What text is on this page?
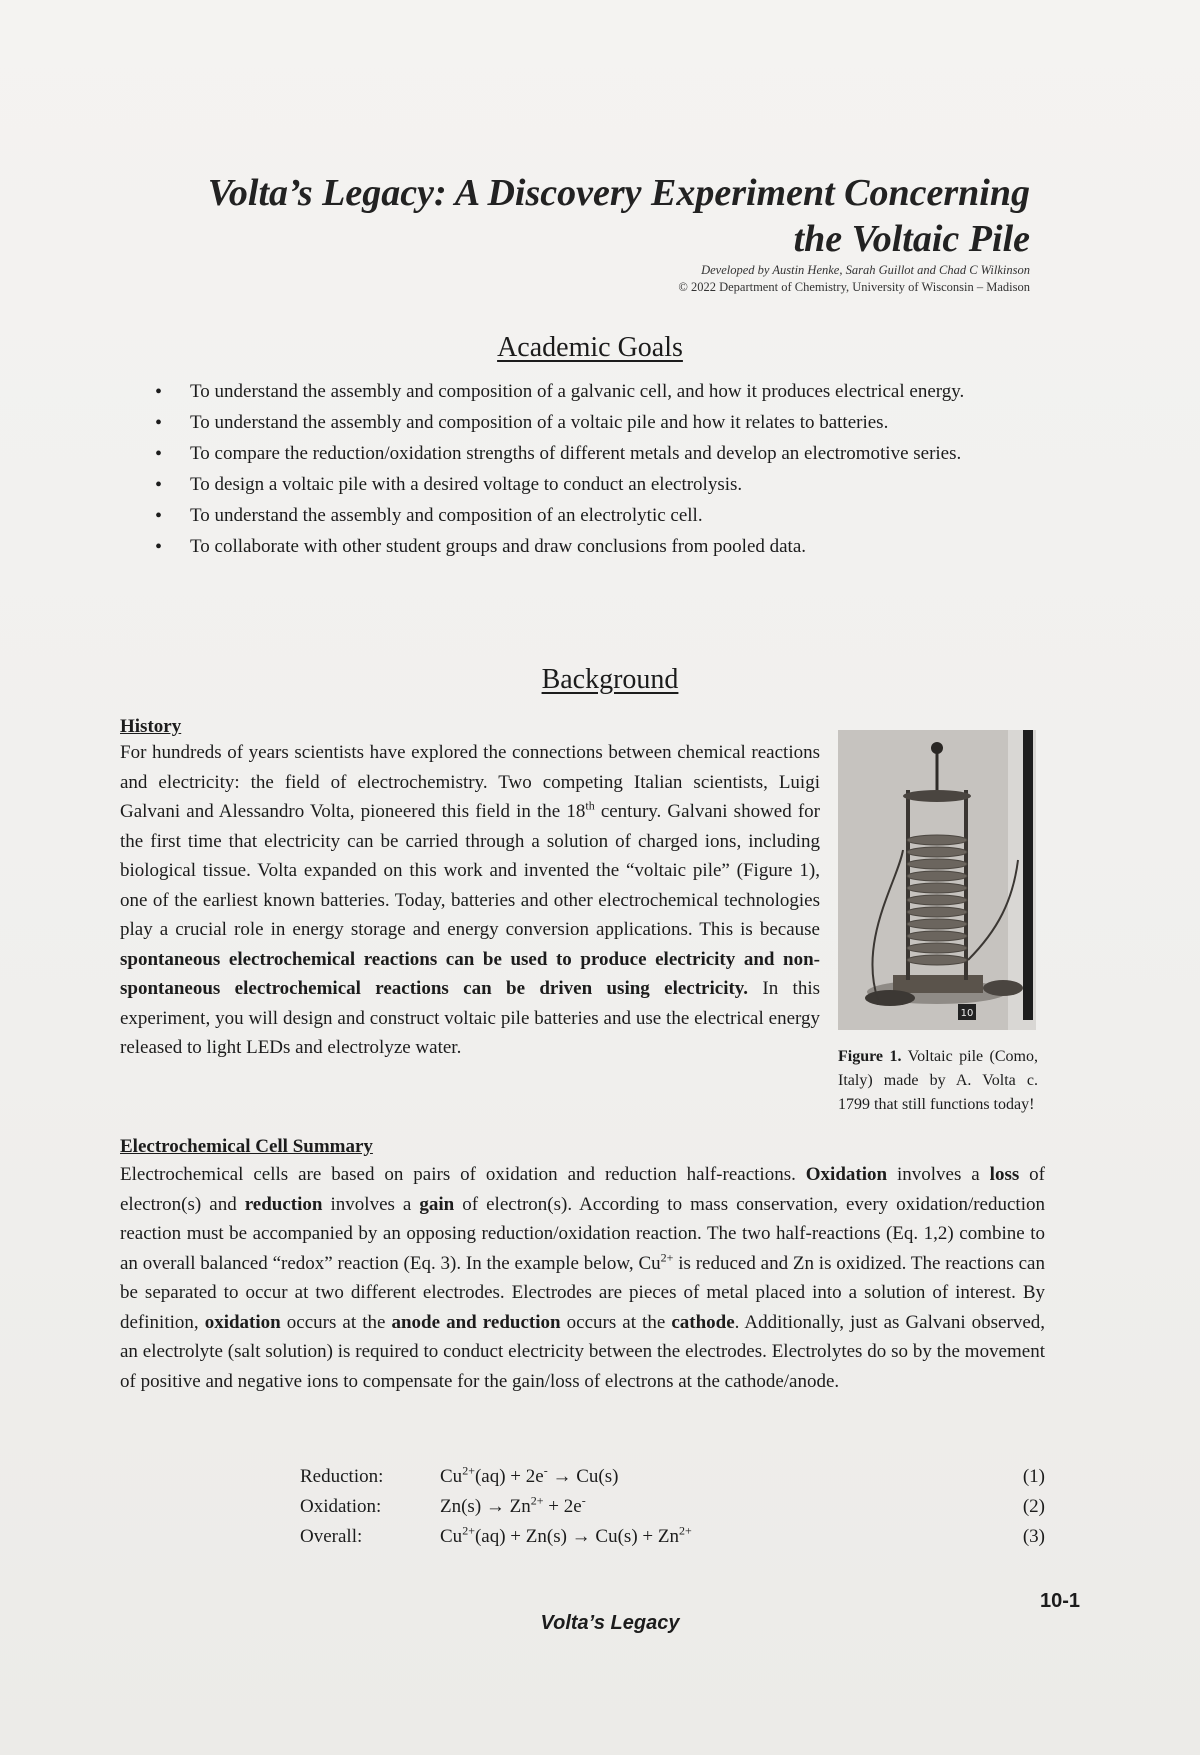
Volta’s Legacy: A Discovery Experiment Concerning
the Voltaic Pile
Developed by Austin Henke, Sarah Guillot and Chad C Wilkinson
© 2022 Department of Chemistry, University of Wisconsin – Madison
Academic Goals
• To understand the assembly and composition of a galvanic cell, and how it produces electrical energy.
• To understand the assembly and composition of a voltaic pile and how it relates to batteries.
• To compare the reduction/oxidation strengths of different metals and develop an electromotive series.
• To design a voltaic pile with a desired voltage to conduct an electrolysis.
• To understand the assembly and composition of an electrolytic cell.
• To collaborate with other student groups and draw conclusions from pooled data.
Background
History
For hundreds of years scientists have explored the connections between chemical reactions and electricity: the field of electrochemistry. Two competing Italian scientists, Luigi Galvani and Alessandro Volta, pioneered this field in the 18th century. Galvani showed for the first time that electricity can be carried through a solution of charged ions, including biological tissue. Volta expanded on this work and invented the “voltaic pile” (Figure 1), one of the earliest known batteries. Today, batteries and other electrochemical technologies play a crucial role in energy storage and energy conversion applications. This is because spontaneous electrochemical reactions can be used to produce electricity and non-spontaneous electrochemical reactions can be driven using electricity. In this experiment, you will design and construct voltaic pile batteries and use the electrical energy released to light LEDs and electrolyze water.
10
Figure 1. Voltaic pile (Como, Italy) made by A. Volta c. 1799 that still functions today!
Electrochemical Cell Summary
Electrochemical cells are based on pairs of oxidation and reduction half-reactions. Oxidation involves a loss of electron(s) and reduction involves a gain of electron(s). According to mass conservation, every oxidation/reduction reaction must be accompanied by an opposing reduction/oxidation reaction. The two half-reactions (Eq. 1,2) combine to an overall balanced “redox” reaction (Eq. 3). In the example below, $Cu^{2+}$ is reduced and Zn is oxidized. The reactions can be separated to occur at two different electrodes. Electrodes are pieces of metal placed into a solution of interest. By definition, oxidation occurs at the anode and reduction occurs at the cathode. Additionally, just as Galvani observed, an electrolyte (salt solution) is required to conduct electricity between the electrodes. Electrolytes do so by the movement of positive and negative ions to compensate for the gain/loss of electrons at the cathode/anode.
Reduction:	$Cu^{2+}(aq) + 2e^- \to Cu(s)$	(1)
Oxidation:	$Zn(s) \to Zn^{2+} + 2e^-$	(2)
Overall:	$Cu^{2+}(aq) + Zn(s) \to Cu(s) + Zn^{2+}$	(3)
10-1
Volta’s Legacy
